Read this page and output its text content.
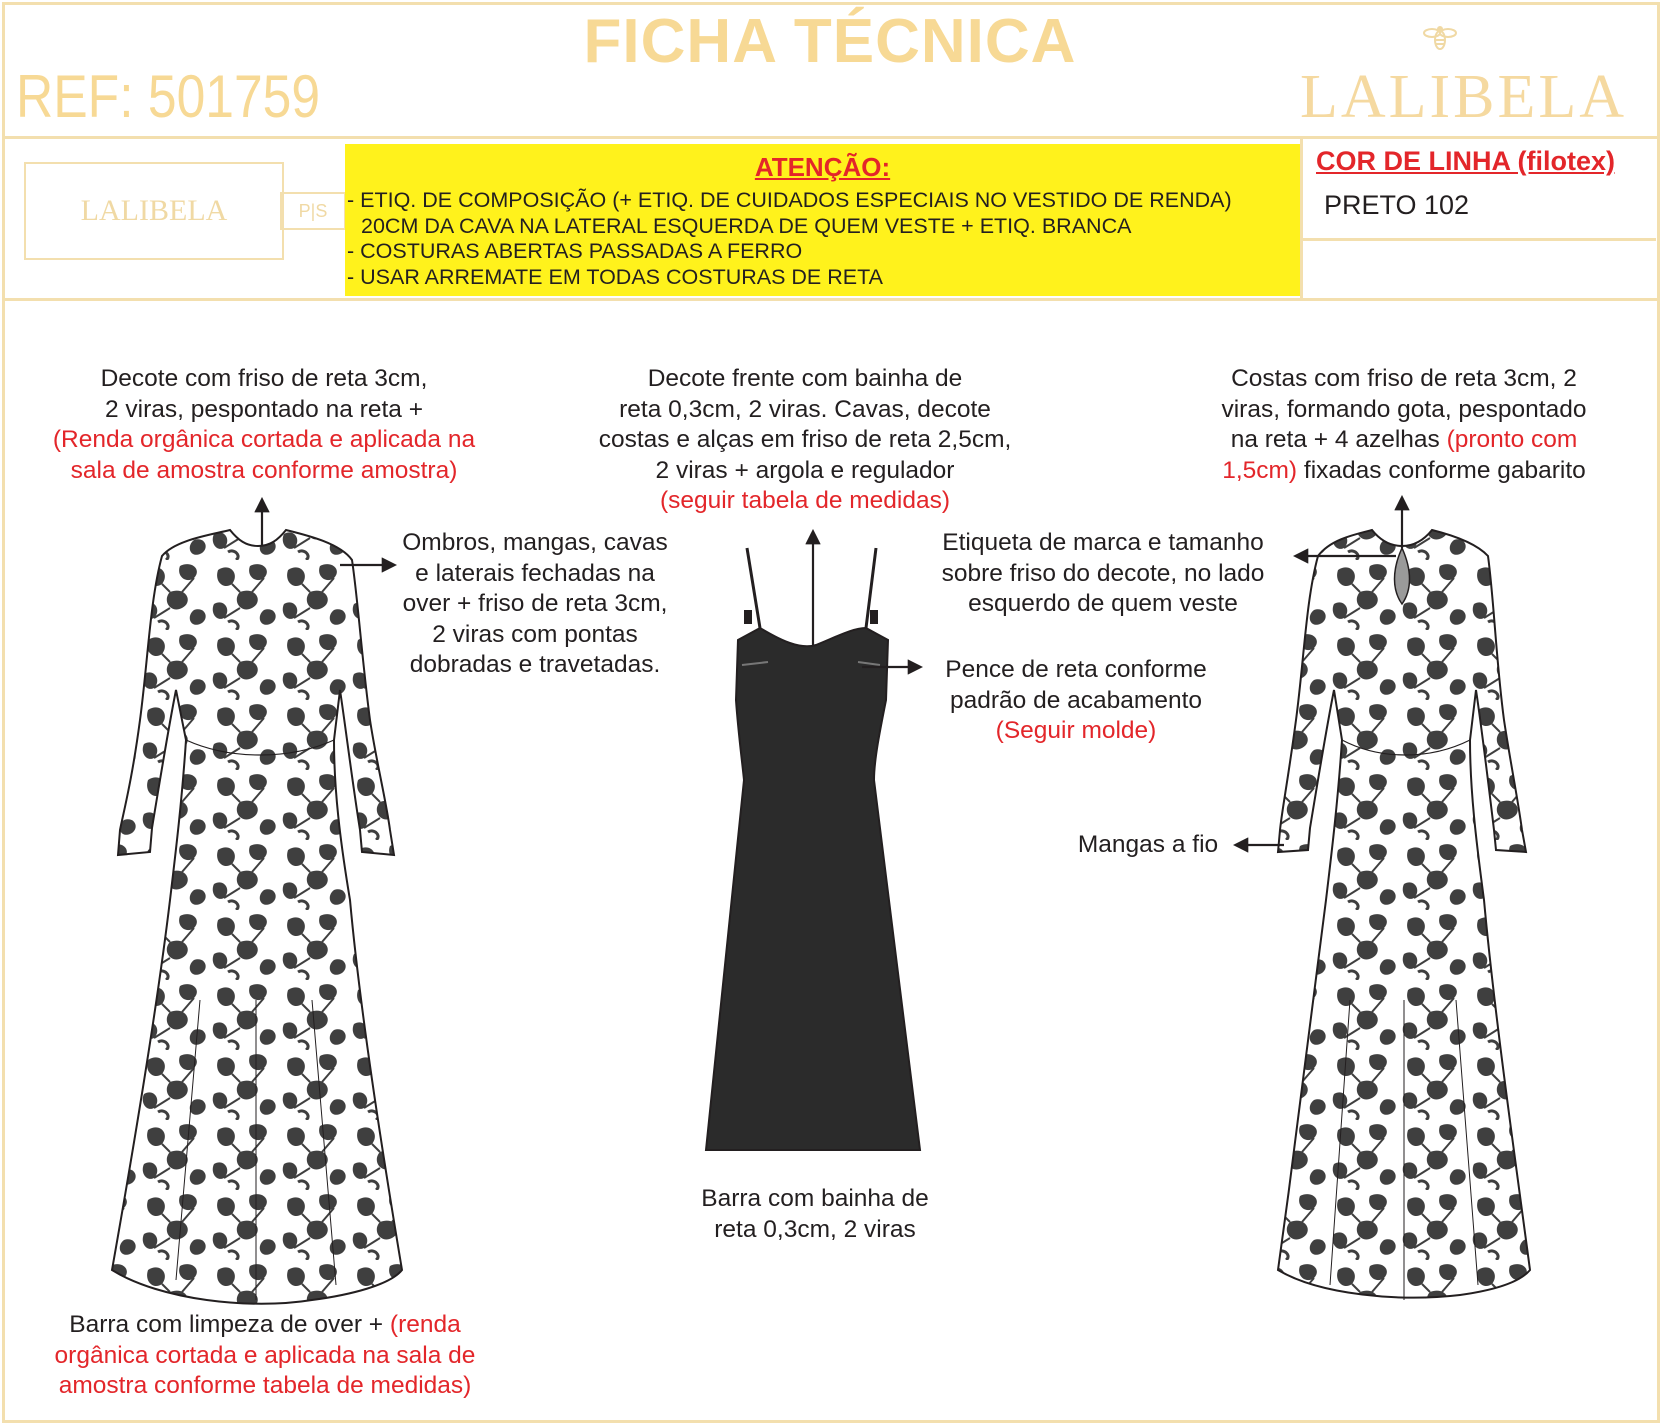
FICHA TÉCNICA
REF: 501759	LALIBELA
LALIBELA	P|S
ATENÇÃO:
- ETIQ. DE COMPOSIÇÃO (+ ETIQ. DE CUIDADOS ESPECIAIS NO VESTIDO DE RENDA)
20CM DA CAVA NA LATERAL ESQUERDA DE QUEM VESTE + ETIQ. BRANCA
- COSTURAS ABERTAS PASSADAS A FERRO
- USAR ARREMATE EM TODAS COSTURAS DE RETA
COR DE LINHA (filotex)
PRETO 102
Decote com friso de reta 3cm,
2 viras, pespontado na reta +
(Renda orgânica cortada e aplicada na
sala de amostra conforme amostra)
Ombros, mangas, cavas
e laterais fechadas na
over + friso de reta 3cm,
2 viras com pontas
dobradas e travetadas.
Decote frente com bainha de
reta 0,3cm, 2 viras. Cavas, decote
costas e alças em friso de reta 2,5cm,
2 viras + argola e regulador
(seguir tabela de medidas)
Costas com friso de reta 3cm, 2
viras, formando gota, pespontado
na reta + 4 azelhas (pronto com
1,5cm) fixadas conforme gabarito
Etiqueta de marca e tamanho
sobre friso do decote, no lado
esquerdo de quem veste
Pence de reta conforme
padrão de acabamento
(Seguir molde)
Mangas a fio
Barra com bainha de
reta 0,3cm, 2 viras
Barra com limpeza de over + (renda
orgânica cortada e aplicada na sala de
amostra conforme tabela de medidas)
